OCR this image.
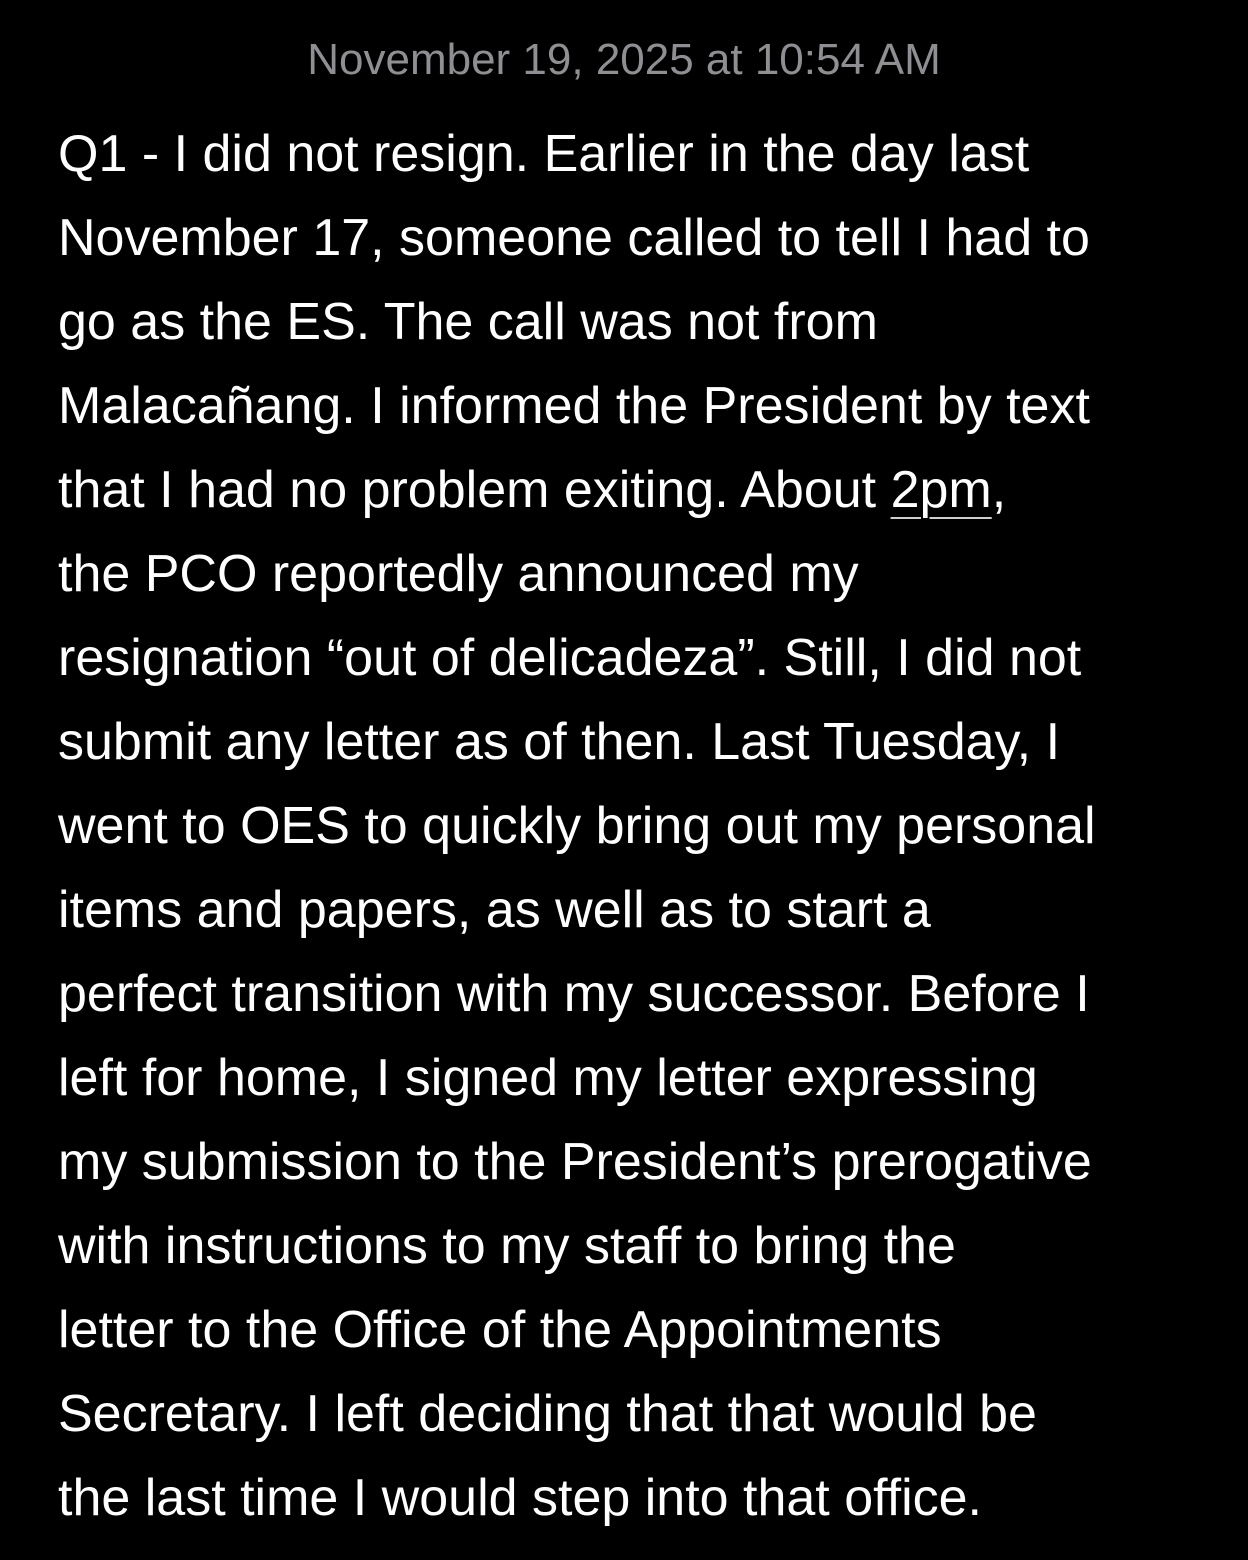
November 19, 2025 at 10:54 AM
Q1 - I did not resign. Earlier in the day last
November 17, someone called to tell I had to
go as the ES. The call was not from
Malacañang. I informed the President by text
that I had no problem exiting. About 2pm,
the PCO reportedly announced my
resignation “out of delicadeza”. Still, I did not
submit any letter as of then. Last Tuesday, I
went to OES to quickly bring out my personal
items and papers, as well as to start a
perfect transition with my successor. Before I
left for home, I signed my letter expressing
my submission to the President’s prerogative
with instructions to my staff to bring the
letter to the Office of the Appointments
Secretary. I left deciding that that would be
the last time I would step into that office.
